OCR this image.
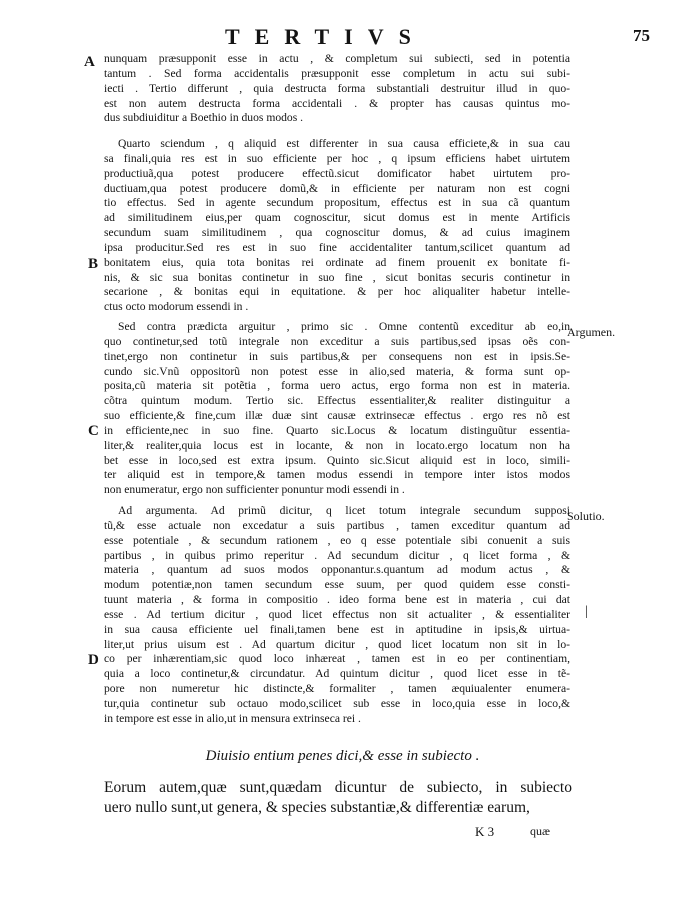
TERTIVS	75
A
B
C
D
Argumen.
Solutio.
|
nunquam præsupponit esse in actu , & completum sui subiecti, sed in potentia
tantum . Sed forma accidentalis præsupponit esse completum in actu sui subi-
iecti . Tertio differunt , quia destructa forma substantiali destruitur illud in quo-
est non autem destructa forma accidentali . & propter has causas quintus mo-
dus subdiuiditur a Boethio in duos modos .
Quarto sciendum , q aliquid est differenter in sua causa efficiete,& in sua cau
sa finali,quia res est in suo efficiente per hoc , q ipsum efficiens habet uirtutem
productiuã,qua potest producere effectũ.sicut domificator habet uirtutem pro-
ductiuam,qua potest producere domũ,& in efficiente per naturam non est cogni
tio effectus. Sed in agente secundum propositum, effectus est in sua cã quantum
ad similitudinem eius,per quam cognoscitur, sicut domus est in mente Artificis
secundum suam similitudinem , qua cognoscitur domus, & ad cuius imaginem
ipsa producitur.Sed res est in suo fine accidentaliter tantum,scilicet quantum ad
bonitatem eius, quia tota bonitas rei ordinate ad finem prouenit ex bonitate fi-
nis, & sic sua bonitas continetur in suo fine , sicut bonitas securis continetur in
secarione , & bonitas equi in equitatione. & per hoc aliqualiter habetur intelle-
ctus octo modorum essendi in .
Sed contra prædicta arguitur , primo sic . Omne contentũ exceditur ab eo,in
quo continetur,sed totũ integrale non exceditur a suis partibus,sed ipsas oẽs con-
tinet,ergo non continetur in suis partibus,& per consequens non est in ipsis.Se-
cundo sic.Vnũ oppositorũ non potest esse in alio,sed materia, & forma sunt op-
posita,cũ materia sit potẽtia , forma uero actus, ergo forma non est in materia.
cõtra quintum modum. Tertio sic. Effectus essentialiter,& realiter distinguitur a
suo efficiente,& fine,cum illæ duæ sint causæ extrinsecæ effectus . ergo res nõ est
in efficiente,nec in suo fine. Quarto sic.Locus & locatum distinguũtur essentia-
liter,& realiter,quia locus est in locante, & non in locato.ergo locatum non ha
bet esse in loco,sed est extra ipsum. Quinto sic.Sicut aliquid est in loco, simili-
ter aliquid est in tempore,& tamen modus essendi in tempore inter istos modos
non enumeratur, ergo non sufficienter ponuntur modi essendi in .
Ad argumenta. Ad primũ dicitur, q licet totum integrale secundum supposi
tũ,& esse actuale non excedatur a suis partibus , tamen exceditur quantum ad
esse potentiale , & secundum rationem , eo q esse potentiale sibi conuenit a suis
partibus , in quibus primo reperitur . Ad secundum dicitur , q licet forma , &
materia , quantum ad suos modos opponantur.s.quantum ad modum actus , &
modum potentiæ,non tamen secundum esse suum, per quod quidem esse consti-
tuunt materia , & forma in compositio . ideo forma bene est in materia , cui dat
esse . Ad tertium dicitur , quod licet effectus non sit actualiter , & essentialiter
in sua causa efficiente uel finali,tamen bene est in aptitudine in ipsis,& uirtua-
liter,ut prius uisum est . Ad quartum dicitur , quod licet locatum non sit in lo-
co per inhærentiam,sic quod loco inhæreat , tamen est in eo per continentiam,
quia a loco continetur,& circundatur. Ad quintum dicitur , quod licet esse in tẽ-
pore non numeretur hic distincte,& formaliter , tamen æquiualenter enumera-
tur,quia continetur sub octauo modo,scilicet sub esse in loco,quia esse in loco,&
in tempore est esse in alio,ut in mensura extrinseca rei .
Diuisio entium penes dici,& esse in subiecto .
Eorum autem,quæ sunt,quædam dicuntur de subiecto, in subiecto
uero nullo sunt,ut genera, & species substantiæ,& differentiæ earum,
K 3	quæ
